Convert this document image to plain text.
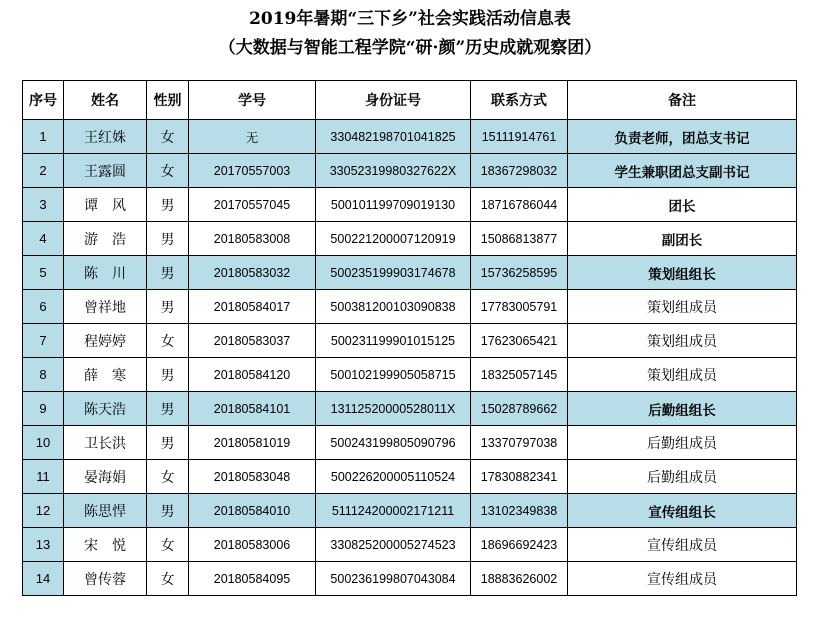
2019年暑期“三下乡”社会实践活动信息表
（大数据与智能工程学院“研·颜”历史成就观察团）
序号	姓名	性别	学号	身份证号	联系方式	备注
1	王红姝	女	无	330482198701041825	15111914761	负责老师，团总支书记
2	王露圆	女	20170557003	33052319980327622X	18367298032	学生兼职团总支副书记
3	谭　风	男	20170557045	500101199709019130	18716786044	团长
4	游　浩	男	20180583008	500221200007120919	15086813877	副团长
5	陈　川	男	20180583032	500235199903174678	15736258595	策划组组长
6	曾祥地	男	20180584017	500381200103090838	17783005791	策划组成员
7	程婷婷	女	20180583037	500231199901015125	17623065421	策划组成员
8	薛　寒	男	20180584120	500102199905058715	18325057145	策划组成员
9	陈天浩	男	20180584101	13112520000528011X	15028789662	后勤组组长
10	卫长洪	男	20180581019	500243199805090796	13370797038	后勤组成员
11	晏海娟	女	20180583048	500226200005110524	17830882341	后勤组成员
12	陈思悍	男	20180584010	511124200002171211	13102349838	宣传组组长
13	宋　悦	女	20180583006	330825200005274523	18696692423	宣传组成员
14	曾传蓉	女	20180584095	500236199807043084	18883626002	宣传组成员
